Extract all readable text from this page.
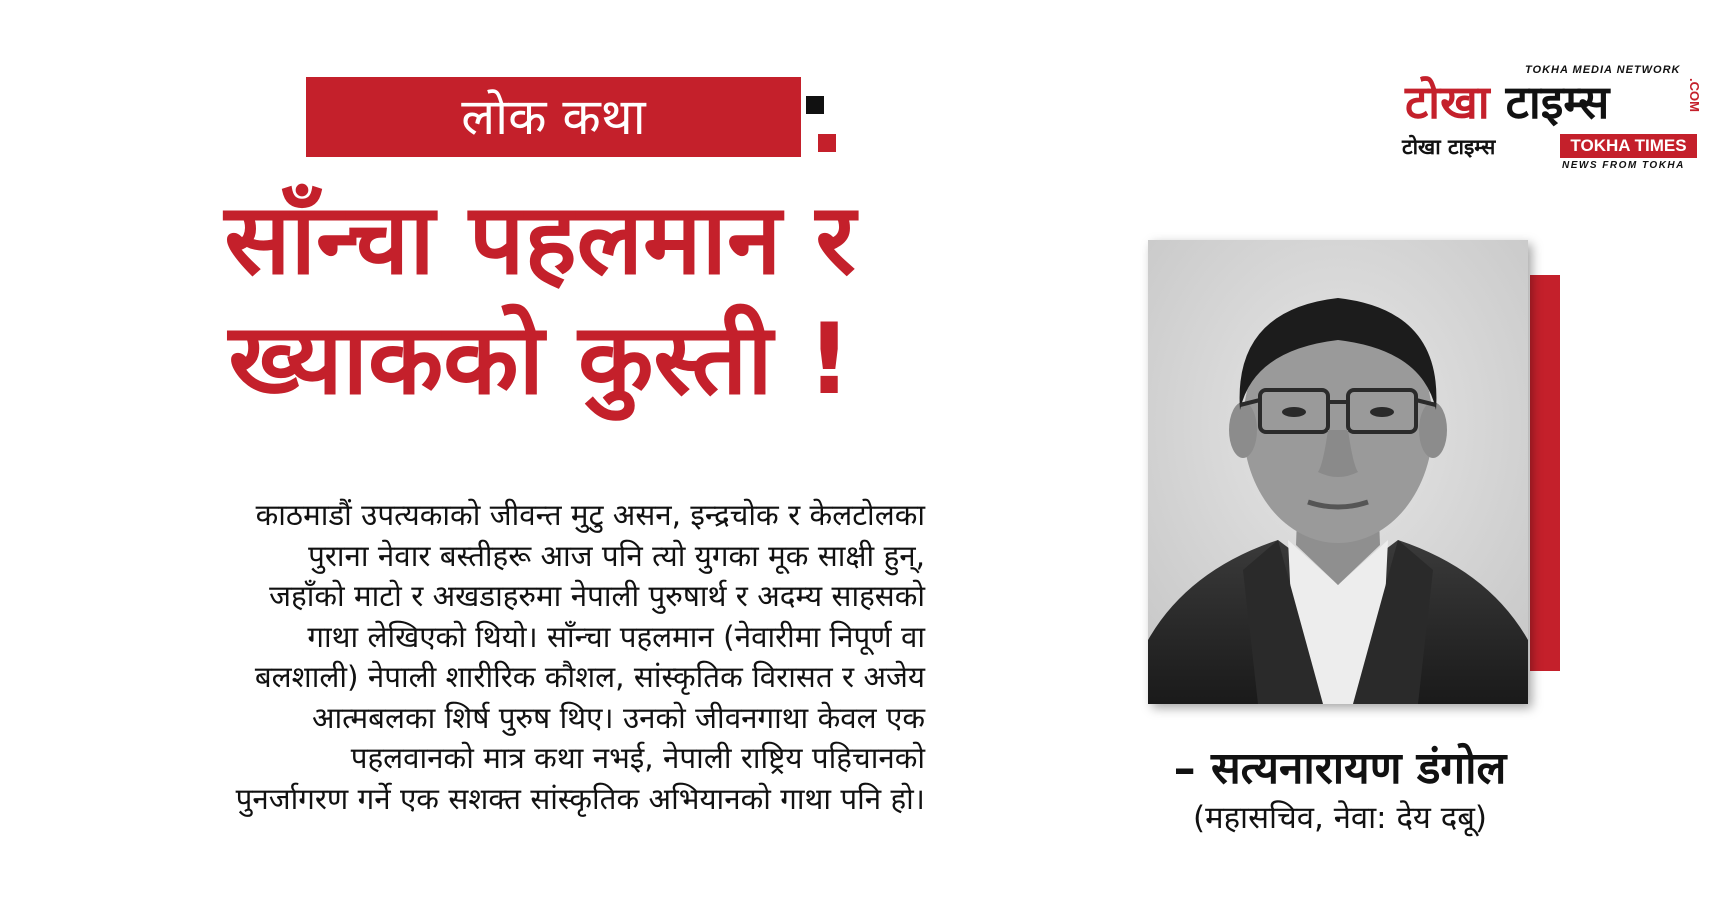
लोक कथा
साँन्चा पहलमान र
ख्याकको कुस्ती !
काठमाडौं उपत्यकाको जीवन्त मुटु असन, इन्द्रचोक र केलटोलका
पुराना नेवार बस्तीहरू आज पनि त्यो युगका मूक साक्षी हुन्,
जहाँको माटो र अखडाहरुमा नेपाली पुरुषार्थ र अदम्य साहसको
गाथा लेखिएको थियो। साँन्चा पहलमान (नेवारीमा निपूर्ण वा
बलशाली) नेपाली शारीरिक कौशल, सांस्कृतिक विरासत र अजेय
आत्मबलका शिर्ष पुरुष थिए। उनको जीवनगाथा केवल एक
पहलवानको मात्र कथा नभई, नेपाली राष्ट्रिय पहिचानको
पुनर्जागरण गर्ने एक सशक्त सांस्कृतिक अभियानको गाथा पनि हो।
TOKHA MEDIA NETWORK
टोखा टाइम्स	.COM
टोखा टाइम्स	TOKHA TIMES
NEWS FROM TOKHA
– सत्यनारायण डंगोल
(महासचिव, नेवा: देय दबू)
